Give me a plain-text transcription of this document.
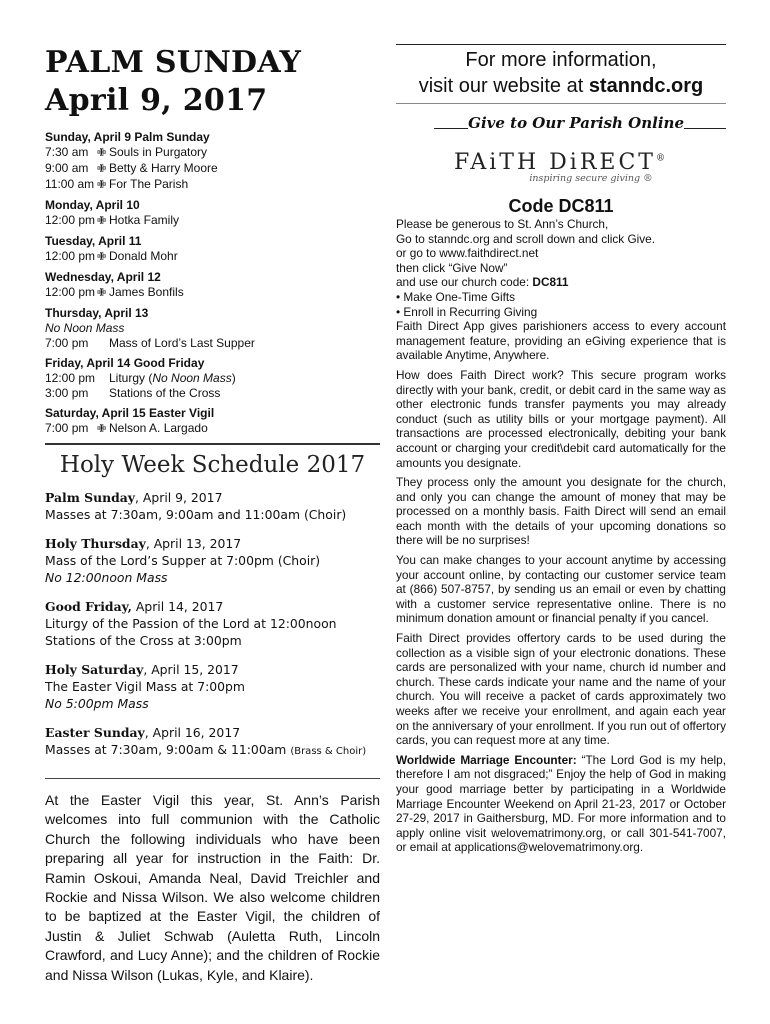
PALM SUNDAY
April 9, 2017
Sunday, April 9 Palm Sunday
7:30 am ✙ Souls in Purgatory
9:00 am ✙ Betty & Harry Moore
11:00 am ✙ For The Parish
Monday, April 10
12:00 pm ✙ Hotka Family
Tuesday, April 11
12:00 pm ✙ Donald Mohr
Wednesday, April 12
12:00 pm ✙ James Bonfils
Thursday, April 13
No Noon Mass
7:00 pm Mass of Lord’s Last Supper
Friday, April 14 Good Friday
12:00 pm Liturgy (No Noon Mass)
3:00 pm Stations of the Cross
Saturday, April 15 Easter Vigil
7:00 pm ✙ Nelson A. Largado
Holy Week Schedule 2017
Palm Sunday, April 9, 2017
Masses at 7:30am, 9:00am and 11:00am (Choir)
Holy Thursday, April 13, 2017
Mass of the Lord’s Supper at 7:00pm (Choir)
No 12:00noon Mass
Good Friday, April 14, 2017
Liturgy of the Passion of the Lord at 12:00noon
Stations of the Cross at 3:00pm
Holy Saturday, April 15, 2017
The Easter Vigil Mass at 7:00pm
No 5:00pm Mass
Easter Sunday, April 16, 2017
Masses at 7:30am, 9:00am & 11:00am (Brass & Choir)
At the Easter Vigil this year, St. Ann’s Parish welcomes into full communion with the Catholic Church the following individuals who have been preparing all year for instruction in the Faith: Dr. Ramin Oskoui, Amanda Neal, David Treichler and Rockie and Nissa Wilson. We also welcome children to be baptized at the Easter Vigil, the children of Justin & Juliet Schwab (Auletta Ruth, Lincoln Crawford, and Lucy Anne); and the children of Rockie and Nissa Wilson (Lukas, Kyle, and Klaire).
For more information,
visit our website at stanndc.org
Give to Our Parish Online
FAiTH DiRECT®
inspiring secure giving ®
Code DC811

Please be generous to St. Ann’s Church,
Go to stanndc.org and scroll down and click Give.
or go to www.faithdirect.net
then click “Give Now”
and use our church code: DC811
• Make One-Time Gifts
• Enroll in Recurring Giving

Faith Direct App gives parishioners access to every account management feature, providing an eGiving experience that is available Anytime, Anywhere.

How does Faith Direct work? This secure program works directly with your bank, credit, or debit card in the same way as other electronic funds transfer payments you may already conduct (such as utility bills or your mortgage payment). All transactions are processed electronically, debiting your bank account or charging your credit\debit card automatically for the amounts you designate.

They process only the amount you designate for the church, and only you can change the amount of money that may be processed on a monthly basis. Faith Direct will send an email each month with the details of your upcoming donations so there will be no surprises!

You can make changes to your account anytime by accessing your account online, by contacting our customer service team at (866) 507-8757, by sending us an email or even by chatting with a customer service representative online. There is no minimum donation amount or financial penalty if you cancel.

Faith Direct provides offertory cards to be used during the collection as a visible sign of your electronic donations. These cards are personalized with your name, church id number and church. These cards indicate your name and the name of your church. You will receive a packet of cards approximately two weeks after we receive your enrollment, and again each year on the anniversary of your enrollment. If you run out of offertory cards, you can request more at any time.

Worldwide Marriage Encounter: “The Lord God is my help, therefore I am not disgraced;” Enjoy the help of God in making your good marriage better by participating in a Worldwide Marriage Encounter Weekend on April 21-23, 2017 or October 27-29, 2017 in Gaithersburg, MD. For more information and to apply online visit welovematrimony.org, or call 301-541-7007, or email at applications@welovematrimony.org.
